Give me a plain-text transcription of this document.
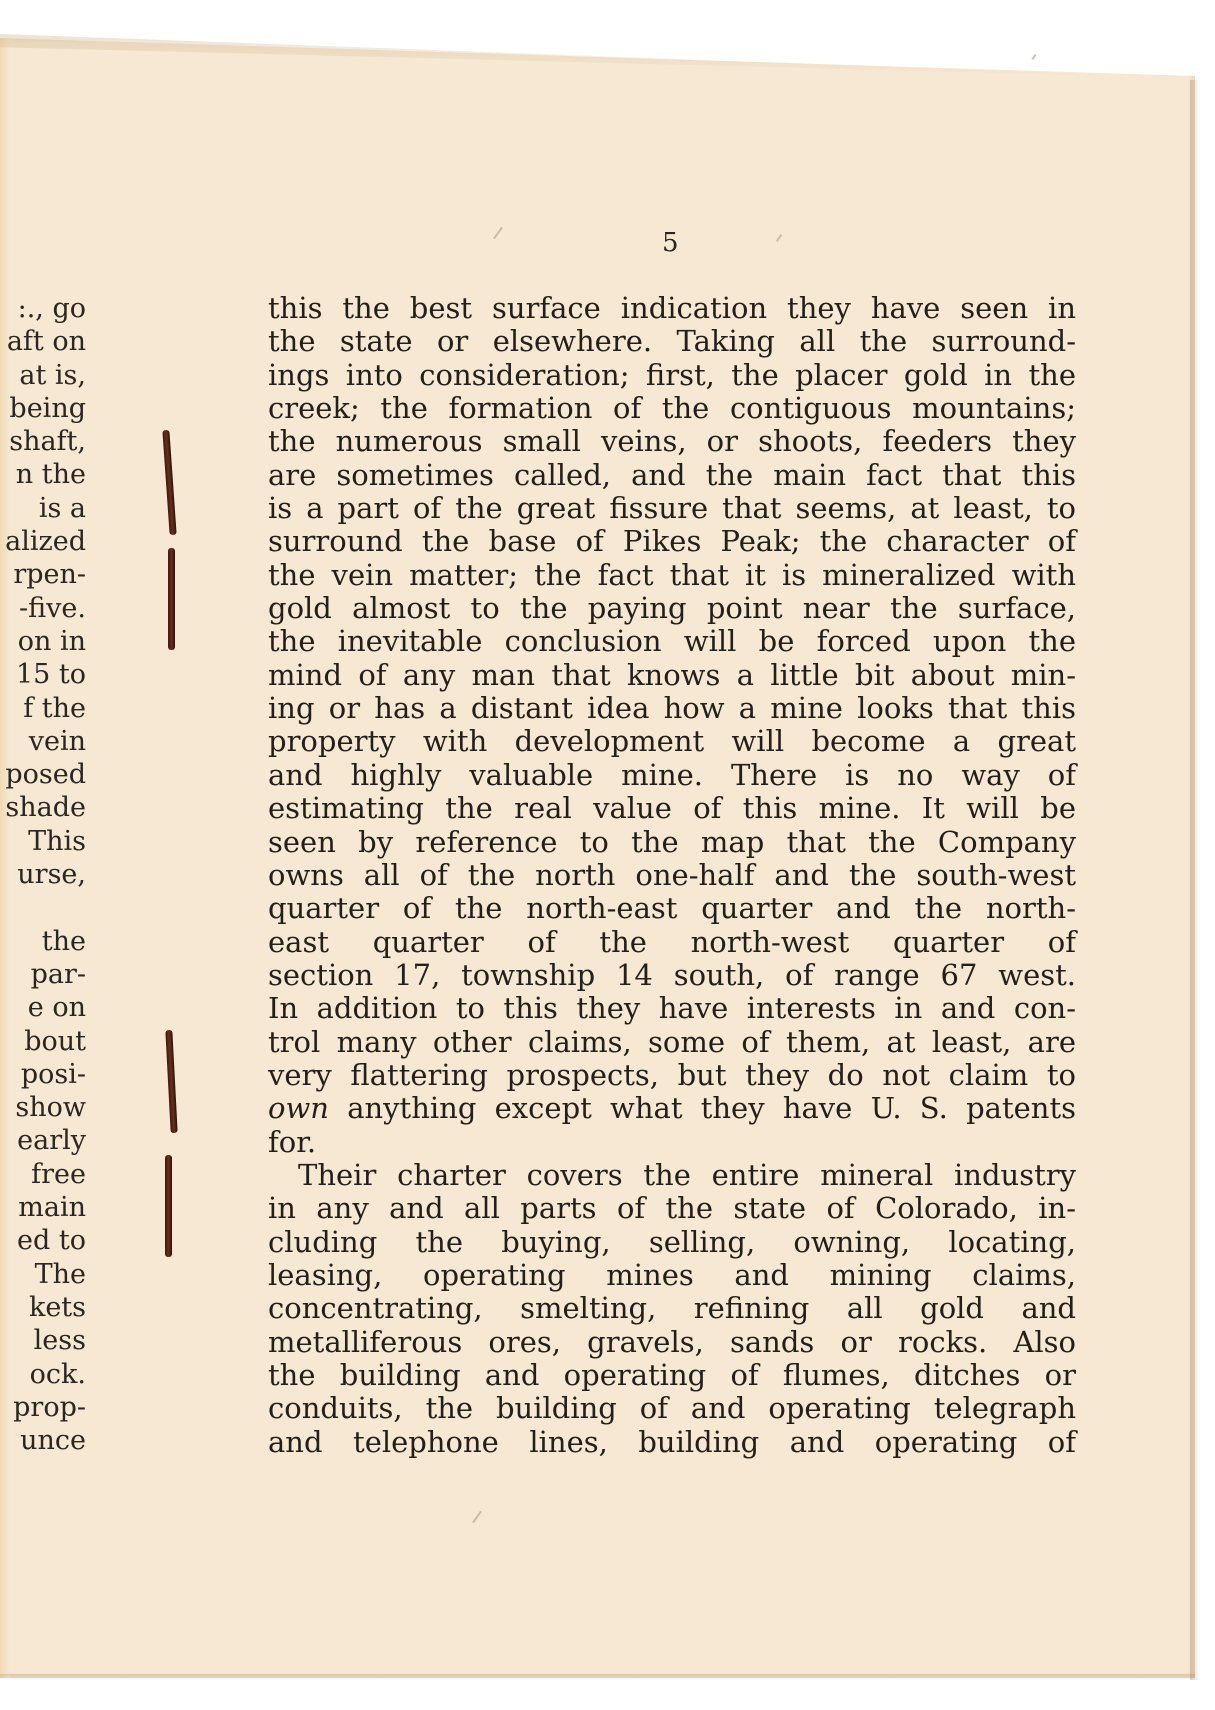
:., go
aft on
at is,
being
shaft,
n the
is a
alized
rpen-
-five.
on in
15 to
f the
vein
posed
shade
This
urse,
the
par-
e on
bout
posi-
show
early
free
main
ed to
The
kets
less
ock.
prop-
unce
5
this the best surface indication they have seen in
the state or elsewhere. Taking all the surround-
ings into consideration; first, the placer gold in the
creek; the formation of the contiguous mountains;
the numerous small veins, or shoots, feeders they
are sometimes called, and the main fact that this
is a part of the great fissure that seems, at least, to
surround the base of Pikes Peak; the character of
the vein matter; the fact that it is mineralized with
gold almost to the paying point near the surface,
the inevitable conclusion will be forced upon the
mind of any man that knows a little bit about min-
ing or has a distant idea how a mine looks that this
property with development will become a great
and highly valuable mine. There is no way of
estimating the real value of this mine. It will be
seen by reference to the map that the Company
owns all of the north one-half and the south-west
quarter of the north-east quarter and the north-
east quarter of the north-west quarter of
section 17, township 14 south, of range 67 west.
In addition to this they have interests in and con-
trol many other claims, some of them, at least, are
very flattering prospects, but they do not claim to
own anything except what they have U. S. patents
for.
Their charter covers the entire mineral industry
in any and all parts of the state of Colorado, in-
cluding the buying, selling, owning, locating,
leasing, operating mines and mining claims,
concentrating, smelting, refining all gold and
metalliferous ores, gravels, sands or rocks. Also
the building and operating of flumes, ditches or
conduits, the building of and operating telegraph
and telephone lines, building and operating of
